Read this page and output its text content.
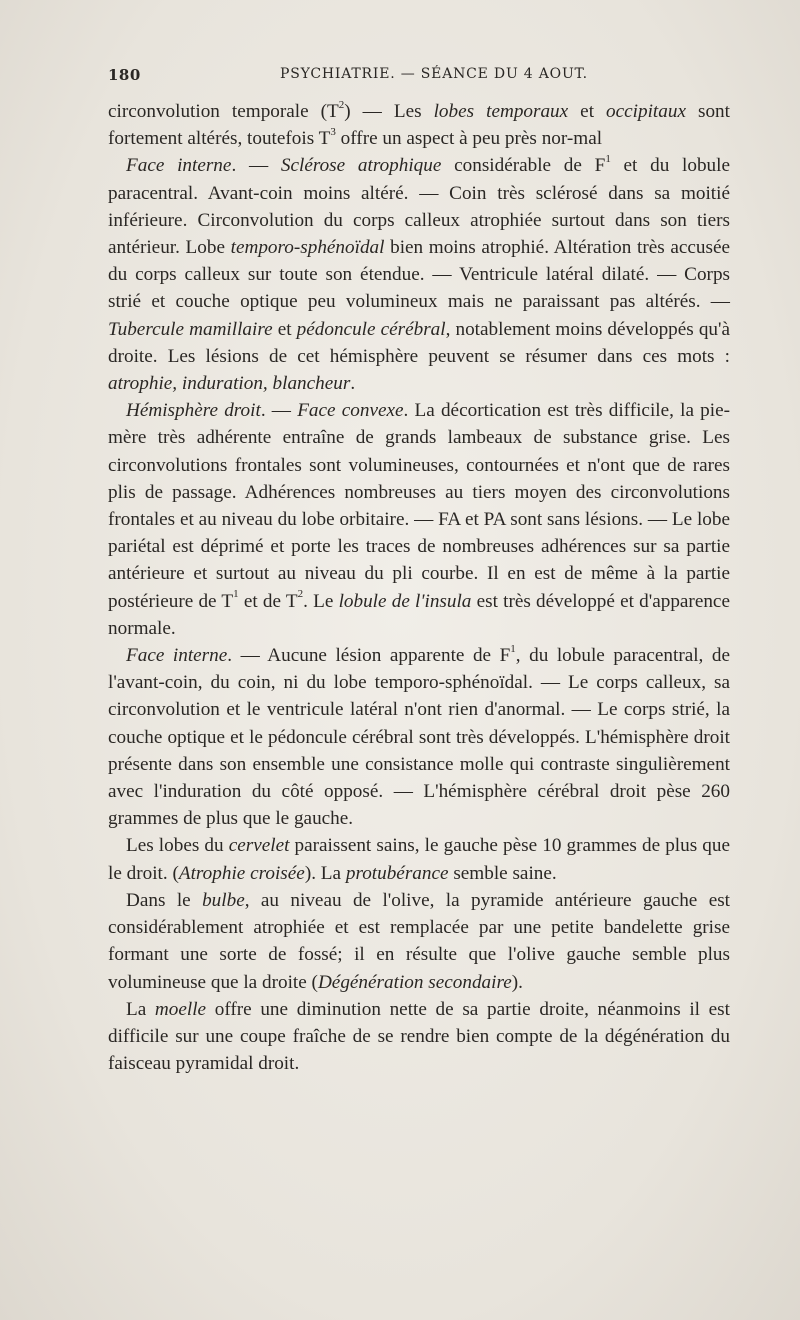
180	PSYCHIATRIE. — SÉANCE DU 4 AOUT.

circonvolution temporale $(T^2)$ — Les lobes temporaux et occipitaux sont fortement altérés, toutefois $T^3$ offre un aspect à peu près nor-mal

Face interne. — Sclérose atrophique considérable de $F^1$ et du lobule paracentral. Avant-coin moins altéré. — Coin très sclérosé dans sa moitié inférieure. Circonvolution du corps calleux atrophiée surtout dans son tiers antérieur. Lobe temporo-sphénoïdal bien moins atrophié. Altération très accusée du corps calleux sur toute son étendue. — Ventricule latéral dilaté. — Corps strié et couche optique peu volumineux mais ne paraissant pas altérés. — Tubercule mamillaire et pédoncule cérébral, notablement moins développés qu'à droite. Les lésions de cet hémisphère peuvent se résumer dans ces mots : atrophie, induration, blancheur.

Hémisphère droit. — Face convexe. La décortication est très difficile, la pie-mère très adhérente entraîne de grands lambeaux de substance grise. Les circonvolutions frontales sont volumineuses, contournées et n'ont que de rares plis de passage. Adhérences nombreuses au tiers moyen des circonvolutions frontales et au niveau du lobe orbitaire. — FA et PA sont sans lésions. — Le lobe pariétal est déprimé et porte les traces de nombreuses adhérences sur sa partie antérieure et surtout au niveau du pli courbe. Il en est de même à la partie postérieure de $T^1$ et de $T^2$. Le lobule de l'insula est très développé et d'apparence normale.

Face interne. — Aucune lésion apparente de $F^1$, du lobule paracentral, de l'avant-coin, du coin, ni du lobe temporo-sphénoïdal. — Le corps calleux, sa circonvolution et le ventricule latéral n'ont rien d'anormal. — Le corps strié, la couche optique et le pédoncule cérébral sont très développés. L'hémisphère droit présente dans son ensemble une consistance molle qui contraste singulièrement avec l'induration du côté opposé. — L'hémisphère cérébral droit pèse 260 grammes de plus que le gauche.

Les lobes du cervelet paraissent sains, le gauche pèse 10 grammes de plus que le droit. (Atrophie croisée). La protubérance semble saine.

Dans le bulbe, au niveau de l'olive, la pyramide antérieure gauche est considérablement atrophiée et est remplacée par une petite bandelette grise formant une sorte de fossé; il en résulte que l'olive gauche semble plus volumineuse que la droite (Dégénération secondaire).

La moelle offre une diminution nette de sa partie droite, néanmoins il est difficile sur une coupe fraîche de se rendre bien compte de la dégénération du faisceau pyramidal droit.
